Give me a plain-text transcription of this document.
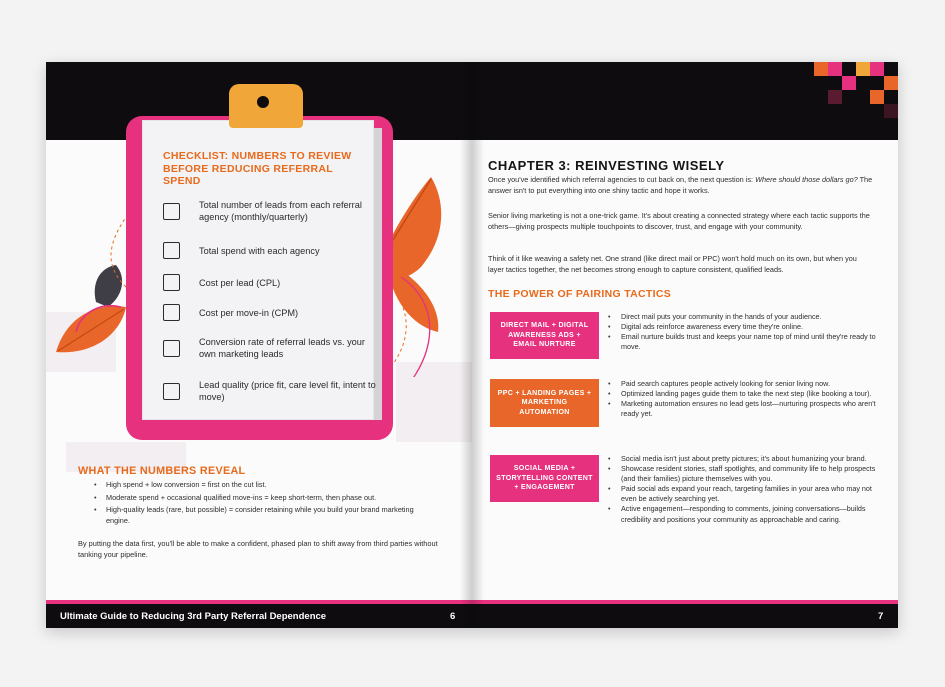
CHECKLIST: NUMBERS TO REVIEW BEFORE REDUCING REFERRAL SPEND
Total number of leads from each referral agency (monthly/quarterly)
Total spend with each agency
Cost per lead (CPL)
Cost per move-in (CPM)
Conversion rate of referral leads vs. your own marketing leads
Lead quality (price fit, care level fit, intent to move)
WHAT THE NUMBERS REVEAL
• High spend + low conversion = first on the cut list.
• Moderate spend + occasional qualified move-ins = keep short-term, then phase out.
• High-quality leads (rare, but possible) = consider retaining while you build your brand marketing engine.
By putting the data first, you'll be able to make a confident, phased plan to shift away from third parties without tanking your pipeline.
Ultimate Guide to Reducing 3rd Party Referral Dependence	6
CHAPTER 3: REINVESTING WISELY
Once you've identified which referral agencies to cut back on, the next question is: Where should those dollars go? The answer isn't to put everything into one shiny tactic and hope it works.
Senior living marketing is not a one-trick game. It's about creating a connected strategy where each tactic supports the others—giving prospects multiple touchpoints to discover, trust, and engage with your community.
Think of it like weaving a safety net. One strand (like direct mail or PPC) won't hold much on its own, but when you layer tactics together, the net becomes strong enough to capture consistent, qualified leads.
THE POWER OF PAIRING TACTICS
DIRECT MAIL + DIGITAL AWARENESS ADS + EMAIL NURTURE
• Direct mail puts your community in the hands of your audience.
• Digital ads reinforce awareness every time they're online.
• Email nurture builds trust and keeps your name top of mind until they're ready to move.
PPC + LANDING PAGES + MARKETING AUTOMATION
• Paid search captures people actively looking for senior living now.
• Optimized landing pages guide them to take the next step (like booking a tour).
• Marketing automation ensures no lead gets lost—nurturing prospects who aren't ready yet.
SOCIAL MEDIA + STORYTELLING CONTENT + ENGAGEMENT
• Social media isn't just about pretty pictures; it's about humanizing your brand.
• Showcase resident stories, staff spotlights, and community life to help prospects (and their families) picture themselves with you.
• Paid social ads expand your reach, targeting families in your area who may not even be actively searching yet.
• Active engagement—responding to comments, joining conversations—builds credibility and positions your community as approachable and caring.
7
